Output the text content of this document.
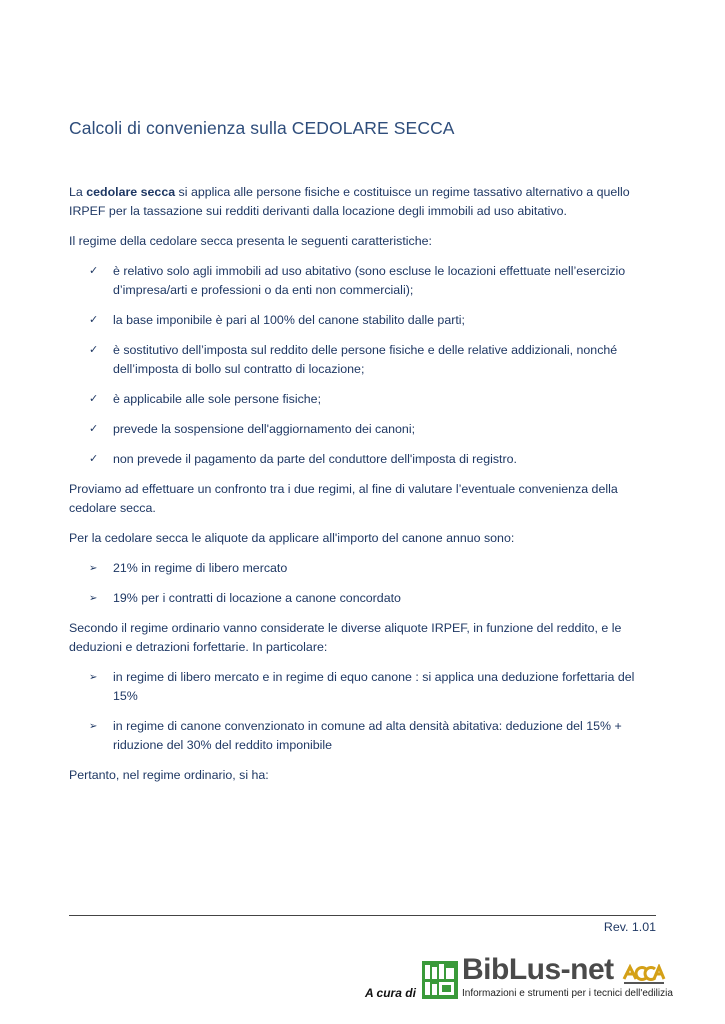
Calcoli di convenienza sulla CEDOLARE SECCA

La cedolare secca si applica alle persone fisiche e costituisce un regime tassativo alternativo a quello IRPEF per la tassazione sui redditi derivanti dalla locazione degli immobili ad uso abitativo.

Il regime della cedolare secca presenta le seguenti caratteristiche:

✓	è relativo solo agli immobili ad uso abitativo (sono escluse le locazioni effettuate nell’esercizio d’impresa/arti e professioni o da enti non commerciali);
✓	la base imponibile è pari al 100% del canone stabilito dalle parti;
✓	è sostitutivo dell’imposta sul reddito delle persone fisiche e delle relative addizionali, nonché dell’imposta di bollo sul contratto di locazione;
✓	è applicabile alle sole persone fisiche;
✓	prevede la sospensione dell'aggiornamento dei canoni;
✓	non prevede il pagamento da parte del conduttore dell'imposta di registro.

Proviamo ad effettuare un confronto tra i due regimi, al fine di valutare l’eventuale convenienza della cedolare secca.

Per la cedolare secca le aliquote da applicare all'importo del canone annuo sono:

➢	21% in regime di libero mercato
➢	19% per i contratti di locazione a canone concordato

Secondo il regime ordinario vanno considerate le diverse aliquote IRPEF, in funzione del reddito, e le deduzioni e detrazioni forfettarie. In particolare:

➢	in regime di libero mercato e in regime di equo canone : si applica una deduzione forfettaria del 15%
➢	in regime di canone convenzionato in comune ad alta densità abitativa: deduzione del 15% + riduzione del 30% del reddito imponibile

Pertanto, nel regime ordinario, si ha:

Rev. 1.01
A cura di
BibLus-net
Informazioni e strumenti per i tecnici dell'edilizia
